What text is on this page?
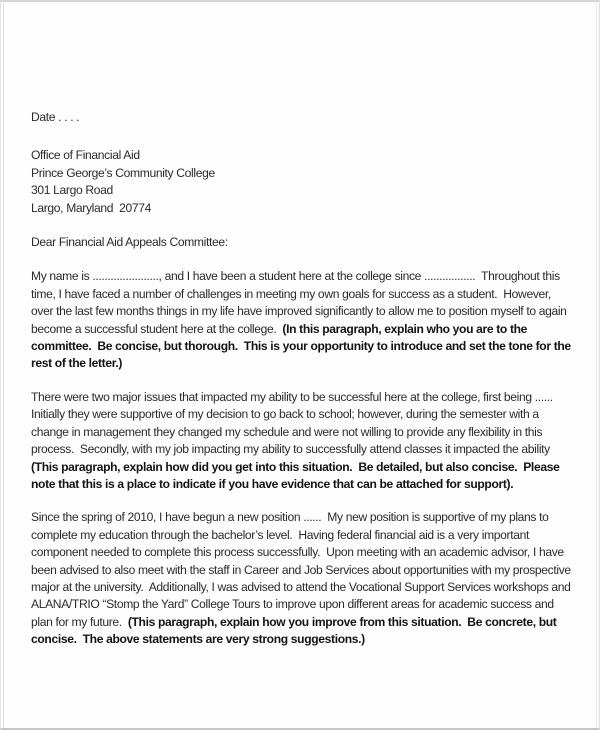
Date . . . .
Office of Financial Aid
Prince George’s Community College
301 Largo Road
Largo, Maryland  20774
Dear Financial Aid Appeals Committee:

My name is ......................, and I have been a student here at the college since .................  Throughout this time, I have faced a number of challenges in meeting my own goals for success as a student.  However, over the last few months things in my life have improved significantly to allow me to position myself to again become a successful student here at the college.  (In this paragraph, explain who you are to the committee.  Be concise, but thorough.  This is your opportunity to introduce and set the tone for the rest of the letter.)

There were two major issues that impacted my ability to be successful here at the college, first being ......  Initially they were supportive of my decision to go back to school; however, during the semester with a change in management they changed my schedule and were not willing to provide any flexibility in this process.  Secondly, with my job impacting my ability to successfully attend classes it impacted the ability (This paragraph, explain how did you get into this situation.  Be detailed, but also concise.  Please note that this is a place to indicate if you have evidence that can be attached for support).

Since the spring of 2010, I have begun a new position ......  My new position is supportive of my plans to complete my education through the bachelor’s level.  Having federal financial aid is a very important component needed to complete this process successfully.  Upon meeting with an academic advisor, I have been advised to also meet with the staff in Career and Job Services about opportunities with my prospective major at the university.  Additionally, I was advised to attend the Vocational Support Services workshops and ALANA/TRIO “Stomp the Yard” College Tours to improve upon different areas for academic success and plan for my future.  (This paragraph, explain how you improve from this situation.  Be concrete, but concise.  The above statements are very strong suggestions.)
